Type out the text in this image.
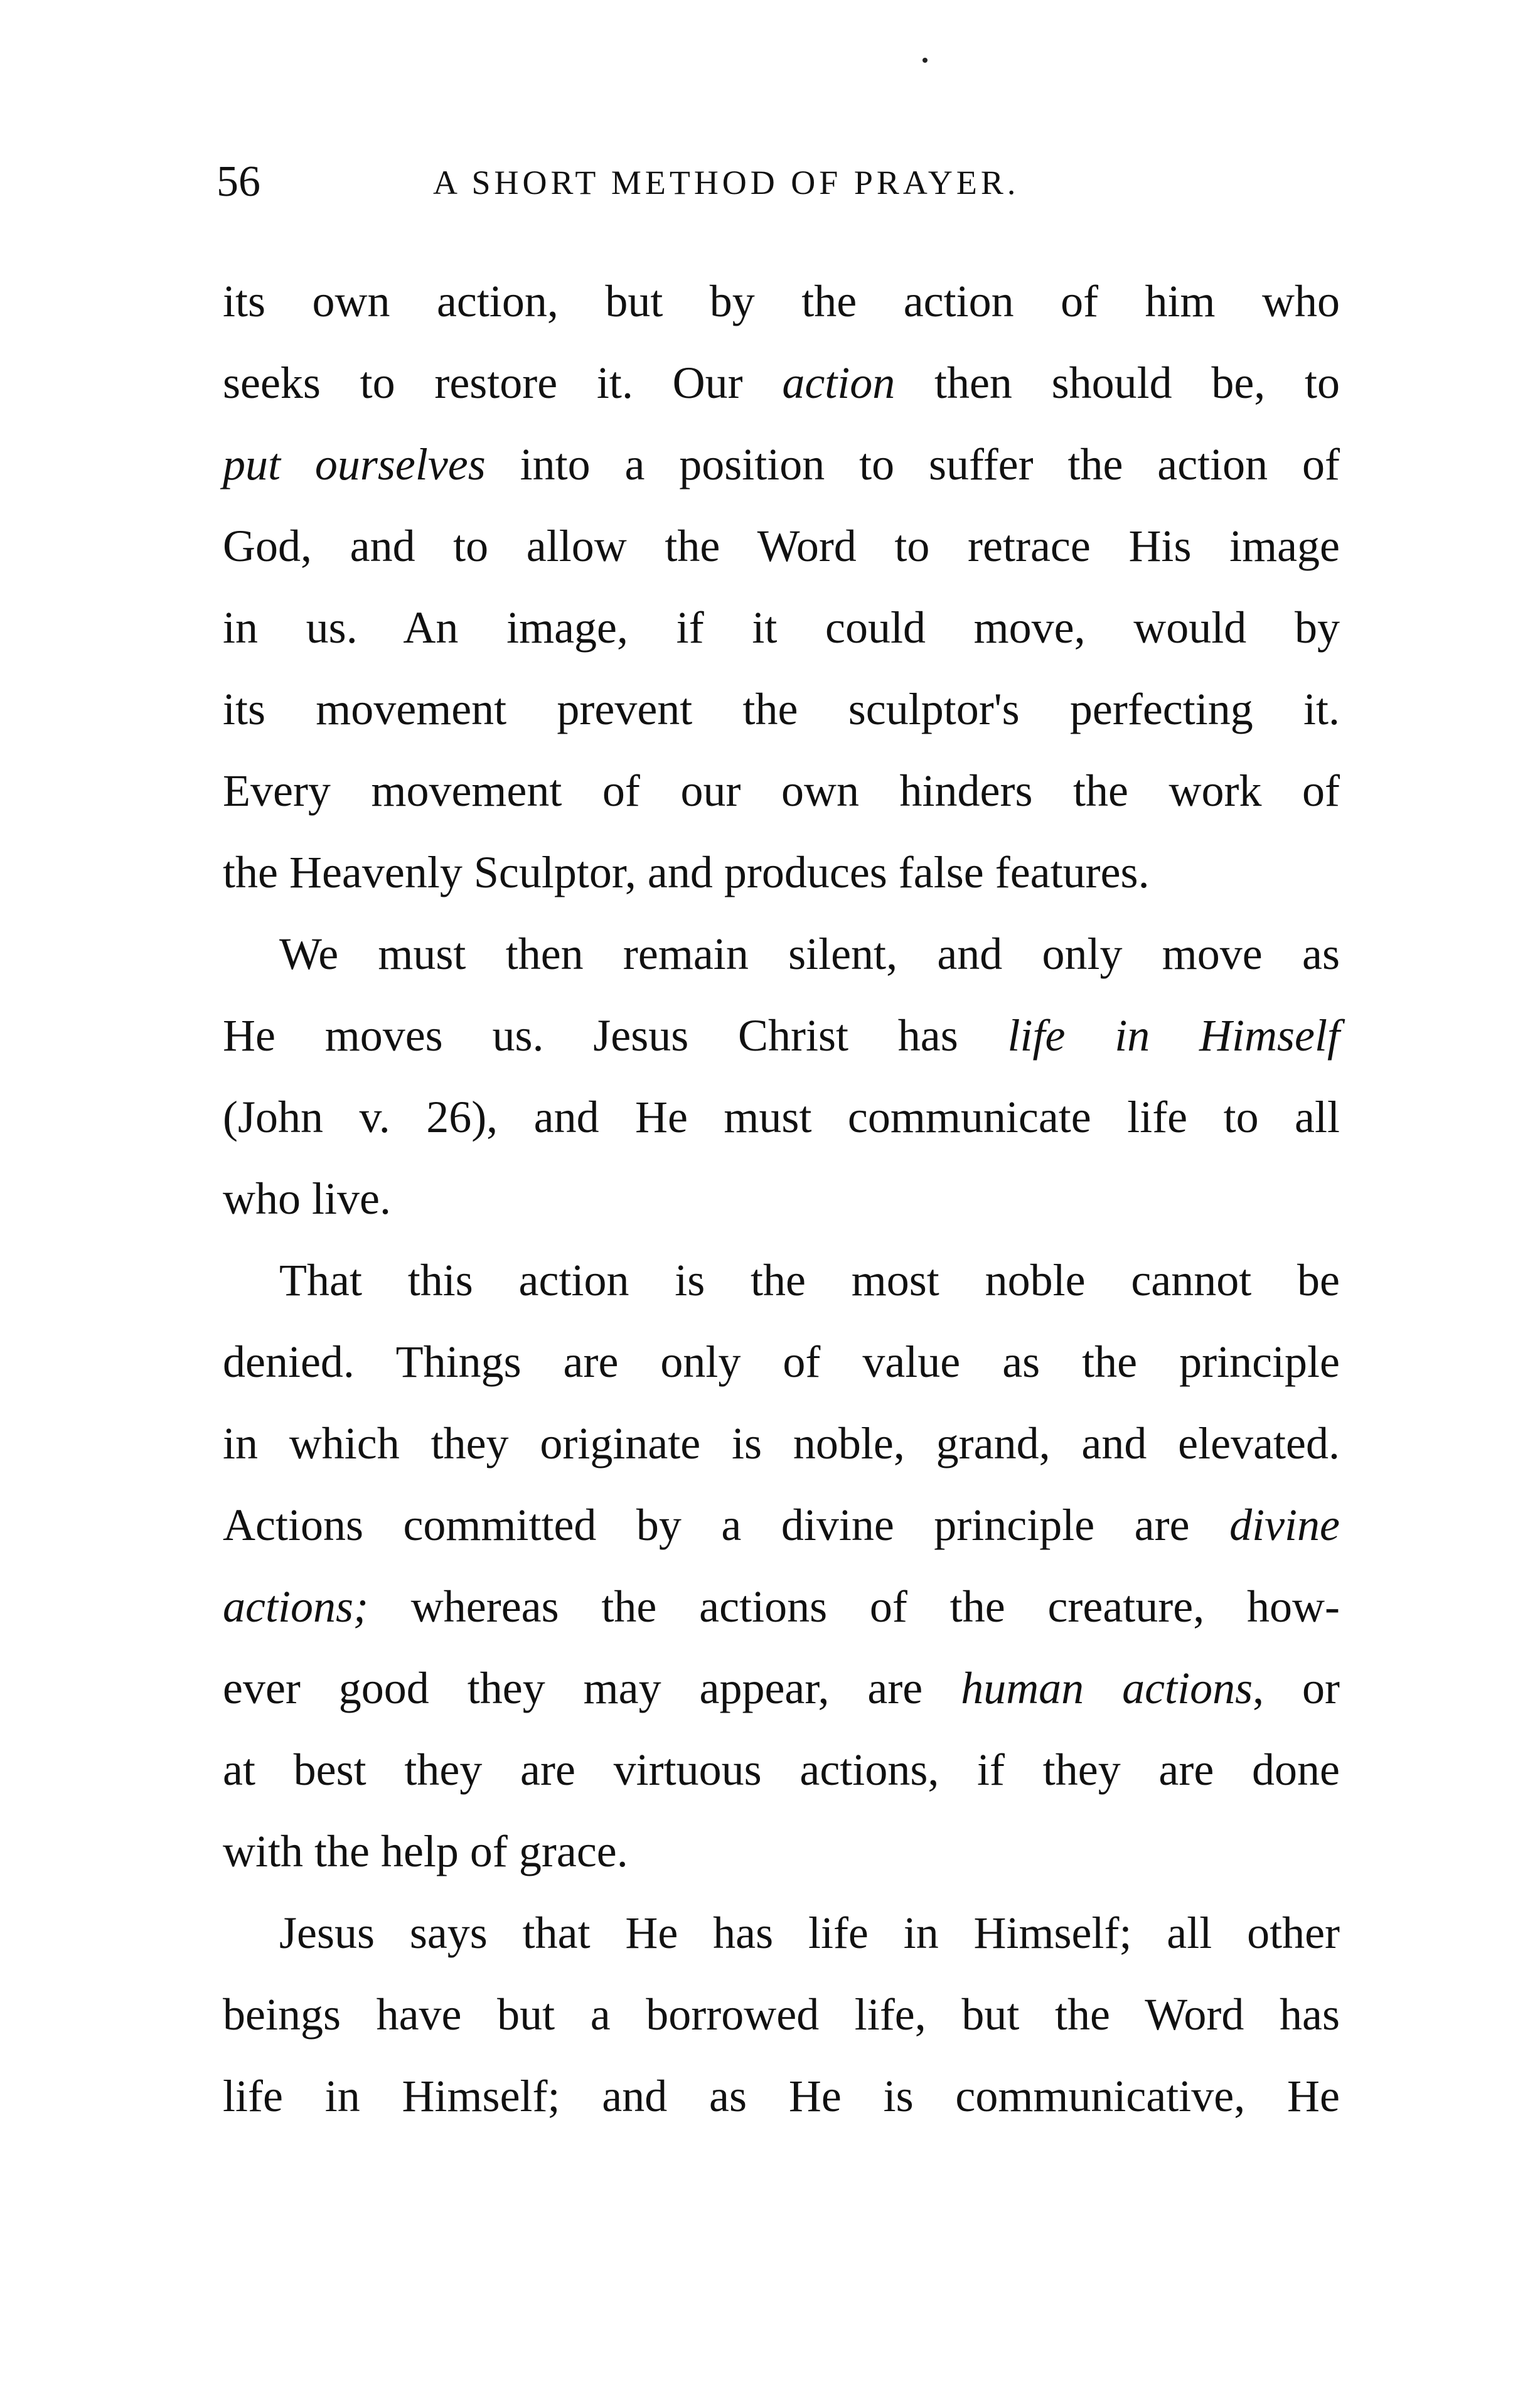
56	A SHORT METHOD OF PRAYER.
its own action, but by the action of him who
seeks to restore it. Our action then should be, to
put ourselves into a position to suffer the action of
God, and to allow the Word to retrace His image
in us. An image, if it could move, would by
its movement prevent the sculptor's perfecting it.
Every movement of our own hinders the work of
the Heavenly Sculptor, and produces false features.
We must then remain silent, and only move as
He moves us. Jesus Christ has life in Himself
(John v. 26), and He must communicate life to all
who live.
That this action is the most noble cannot be
denied. Things are only of value as the principle
in which they originate is noble, grand, and elevated.
Actions committed by a divine principle are divine
actions; whereas the actions of the creature, how-
ever good they may appear, are human actions, or
at best they are virtuous actions, if they are done
with the help of grace.
Jesus says that He has life in Himself; all other
beings have but a borrowed life, but the Word has
life in Himself; and as He is communicative, He
